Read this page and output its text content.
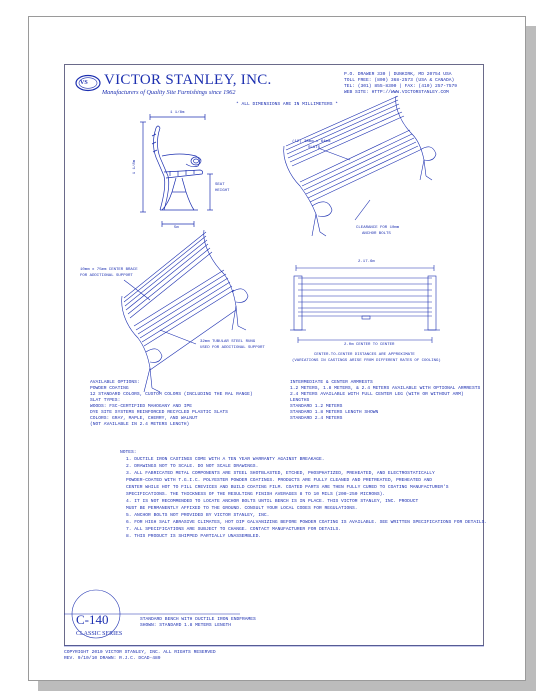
VICTOR STANLEY, INC.
Manufacturers of Quality Site Furnishings since 1962
VS
P.O. DRAWER 330 | DUNKIRK, MD 20754 USA
TOLL FREE: (800) 368-2573 (USA & CANADA)
TEL: (301) 855-8300 | FAX: (410) 257-7579
WEB SITE: HTTP://WWW.VICTORSTANLEY.COM
* ALL DIMENSIONS ARE IN MILLIMETERS *
1 1/8m
1 1/8m
5m
SEAT HEIGHT
(12) 38mm x 64mm
SLATS
CLEARANCE FOR 10mm
ANCHOR BOLTS
10mm x 75mm CENTER BRACE
FOR ADDITIONAL SUPPORT
32mm TUBULAR STEEL RUNG
USED FOR ADDITIONAL SUPPORT
2.17.6m
2.0m CENTER TO CENTER
CENTER-TO-CENTER DISTANCES ARE APPROXIMATE
(VARIATIONS IN CASTINGS ARISE FROM DIFFERENT RATES OF COOLING)
AVAILABLE OPTIONS:
POWDER COATING
12 STANDARD COLORS, CUSTOM COLORS (INCLUDING THE RAL RANGE)
SLAT TYPES:
WOODS: FSC-CERTIFIED MAHOGANY AND IPE
DYE SITE SYSTEMS REINFORCED RECYCLED PLASTIC SLATS
COLORS: GRAY, MAPLE, CHERRY, AND WALNUT
(NOT AVAILABLE IN 2.4 METERS LENGTH)
INTERMEDIATE & CENTER ARMRESTS
1.2 METERS, 1.8 METERS, & 2.4 METERS AVAILABLE WITH OPTIONAL ARMRESTS
2.4 METERS AVAILABLE WITH FULL CENTER LEG (WITH OR WITHOUT ARM)
LENGTHS
STANDARD 1.2 METERS
STANDARD 1.8 METERS LENGTH SHOWN
STANDARD 2.4 METERS
NOTES:
1. DUCTILE IRON CASTINGS COME WITH A TEN YEAR WARRANTY AGAINST BREAKAGE.
2. DRAWINGS NOT TO SCALE. DO NOT SCALE DRAWINGS.
3. ALL FABRICATED METAL COMPONENTS ARE STEEL SHOTBLASTED, ETCHED, PHOSPHATIZED, PREHEATED, AND ELECTROSTATICALLY
POWDER-COATED WITH T.G.I.C. POLYESTER POWDER COATINGS. PRODUCTS ARE FULLY CLEANED AND PRETREATED, PREHEATED AND
CENTER WHILE HOT TO FILL CREVICES AND BUILD COATING FILM. COATED PARTS ARE THEN FULLY CURED TO COATING MANUFACTURER'S
SPECIFICATIONS. THE THICKNESS OF THE RESULTING FINISH AVERAGES 8 TO 10 MILS (200-250 MICRONS).
4. IT IS NOT RECOMMENDED TO LOCATE ANCHOR BOLTS UNTIL BENCH IS IN PLACE. THIS VICTOR STANLEY, INC. PRODUCT
MUST BE PERMANENTLY AFFIXED TO THE GROUND. CONSULT YOUR LOCAL CODES FOR REGULATIONS.
5. ANCHOR BOLTS NOT PROVIDED BY VICTOR STANLEY, INC.
6. FOR HIGH SALT ABRASIVE CLIMATES, HOT DIP GALVANIZING BEFORE POWDER COATING IS AVAILABLE. SEE WRITTEN SPECIFICATIONS FOR DETAILS.
7. ALL SPECIFICATIONS ARE SUBJECT TO CHANGE. CONTACT MANUFACTURER FOR DETAILS.
8. THIS PRODUCT IS SHIPPED PARTIALLY UNASSEMBLED.
C-140
CLASSIC SERIES
STANDARD BENCH WITH DUCTILE IRON ENDFRAMES
SHOWN: STANDARD 1.8 METERS LENGTH
COPYRIGHT 2010 VICTOR STANLEY, INC. ALL RIGHTS RESERVED
REV. 9/10/10 DRAWN: R.J.C. DCAD-489
